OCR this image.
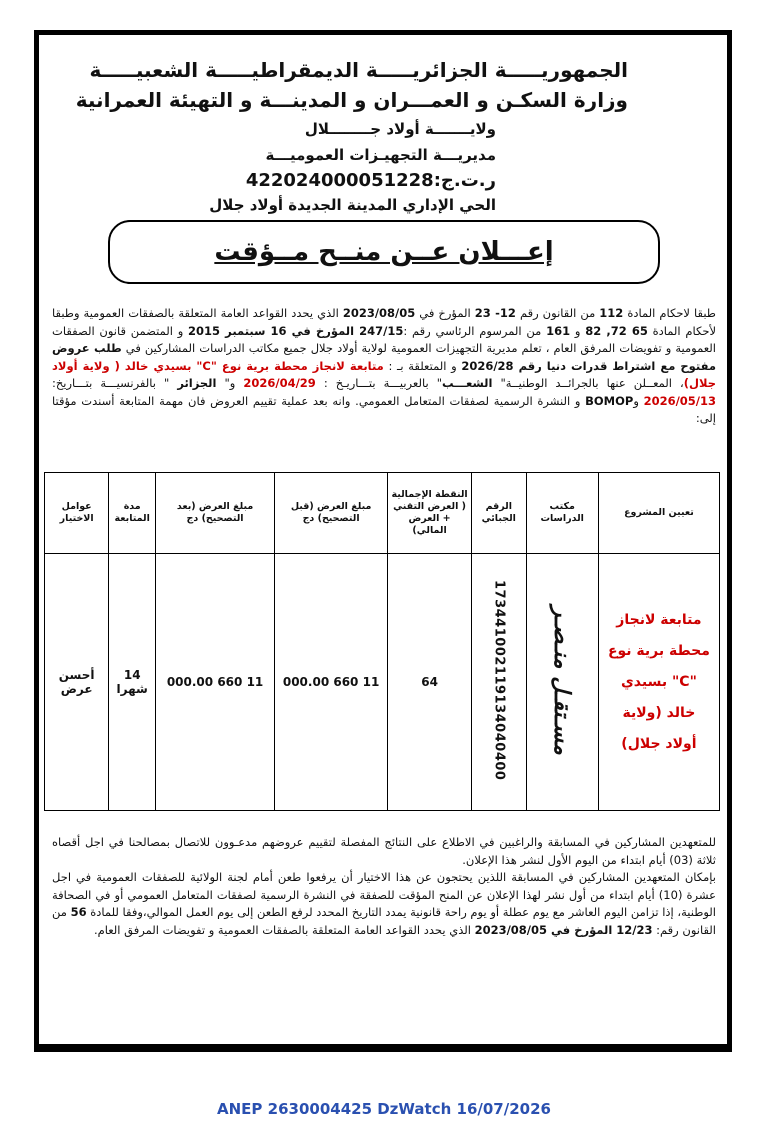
الجمهوريـــــة الجزائريـــــة الديمقراطيـــــة الشعبيـــــة
وزارة السكـن و العمـــران و المدينـــة و التهيئة العمرانية
ولايـــــــة أولاد جــــــــلال
مديريـــة التجهيـزات العموميـــة
ر.ت.ج:422024000051228
الحي الإداري المدينة الجديدة أولاد جلال
إعـــلان عــن منــح مــؤقت
طبقا لاحكام المادة 112 من القانون رقم 12- 23 المؤرخ في 2023/08/05 الذي يحدد القواعد العامة المتعلقة بالصفقات العمومية وطبقا لأحكام المادة 65 72, 82 و 161 من المرسوم الرئاسي رقم :247/15 المؤرخ في 16 سبتمبر 2015 و المتضمن قانون الصفقات العمومية و تفويضات المرفق العام ، تعلم مديرية التجهيزات العمومية لولاية أولاد جلال جميع مكاتب الدراسات المشاركين في طلب عروض مفتوح مع اشتراط قدرات دنيا رقم 2026/28 و المتعلقة بـ : متابعة لانجاز محطة برية نوع "C" بسيدي خالد ( ولاية أولاد جلال)، المعــلن عنها بالجرائــد الوطنيــة" الشعـــب" بالعربيـــة بتـــاريـخ : 2026/04/29 و" الجزائر " بالفرنسيـــة بتـــاريخ: 2026/05/13 وBOMOP و النشرة الرسمية لصفقات المتعامل العمومي. وانه بعد عملية تقييم العروض فان مهمة المتابعة أسندت مؤقتا إلى:
تعيين المشروع	مكتب الدراسات	الرقم الجبائي	النقطة الإجمالية ( العرض التقني + العرض المالي)	مبلغ العرض (قبل التصحيح) دج	مبلغ العرض (بعد التصحيح) دج	مدة المتابعة	عوامل الاختيار
متابعة لانجاز محطة برية نوع "C" بسيدي خالد (ولاية أولاد جلال)	مسـتقـل منـصـر	173441002119134040400	64	11 660 000.00	11 660 000.00	14 شهرا	أحسن عرض
للمتعهدين المشاركين في المسابقة والراغبين في الاطلاع على النتائج المفصلة لتقييم عروضهم مدعـوون للاتصال بمصالحنا في اجل أقصاه ثلاثة (03) أيام ابتداء من اليوم الأول لنشر هذا الإعلان.
بإمكان المتعهدين المشاركين في المسابقة اللذين يحتجون عن هذا الاختيار أن يرفعوا طعن أمام لجنة الولائية للصفقات العمومية في اجل عشرة (10) أيام ابتداء من أول نشر لهذا الإعلان عن المنح المؤقت للصفقة في النشرة الرسمية لصفقات المتعامل العمومي أو في الصحافة الوطنية، إذا تزامن اليوم العاشر مع يوم عطلة أو يوم راحة قانونية يمدد التاريخ المحدد لرفع الطعن إلى يوم العمل الموالي،وفقا للمادة 56 من القانون رقم: 12/23 المؤرخ في 2023/08/05 الذي يحدد القواعد العامة المتعلقة بالصفقات العمومية و تفويضات المرفق العام.
ANEP 2630004425 DzWatch 16/07/2026
